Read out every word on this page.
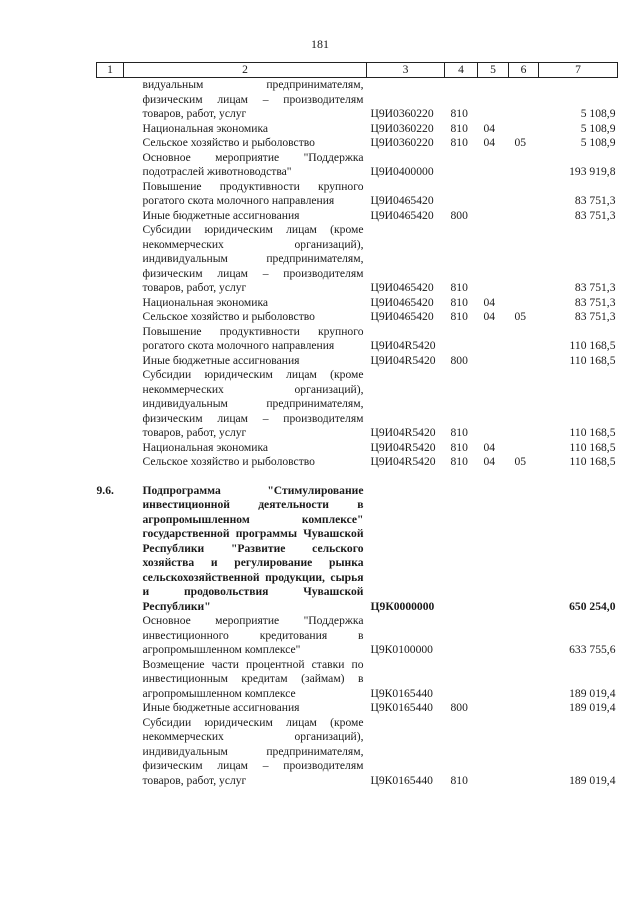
181
1	2	3	4	5	6	7
	видуальным предпринимателям, физическим лицам – производителям товаров, работ, услуг	Ц9И0360220	810			5 108,9
	Национальная экономика	Ц9И0360220	810	04		5 108,9
	Сельское хозяйство и рыболовство	Ц9И0360220	810	04	05	5 108,9
	Основное мероприятие "Поддержка подотраслей животноводства"	Ц9И0400000				193 919,8
	Повышение продуктивности крупного рогатого скота молочного направления	Ц9И0465420				83 751,3
	Иные бюджетные ассигнования	Ц9И0465420	800			83 751,3
	Субсидии юридическим лицам (кроме некоммерческих организаций), индивидуальным предпринимателям, физическим лицам – производителям товаров, работ, услуг	Ц9И0465420	810			83 751,3
	Национальная экономика	Ц9И0465420	810	04		83 751,3
	Сельское хозяйство и рыболовство	Ц9И0465420	810	04	05	83 751,3
	Повышение продуктивности крупного рогатого скота молочного направления	Ц9И04R5420				110 168,5
	Иные бюджетные ассигнования	Ц9И04R5420	800			110 168,5
	Субсидии юридическим лицам (кроме некоммерческих организаций), индивидуальным предпринимателям, физическим лицам – производителям товаров, работ, услуг	Ц9И04R5420	810			110 168,5
	Национальная экономика	Ц9И04R5420	810	04		110 168,5
	Сельское хозяйство и рыболовство	Ц9И04R5420	810	04	05	110 168,5

9.6.	Подпрограмма "Стимулирование инвестиционной деятельности в агропромышленном комплексе" государственной программы Чувашской Республики "Развитие сельского хозяйства и регулирование рынка сельскохозяйственной продукции, сырья и продовольствия Чувашской Республики"	Ц9К0000000				650 254,0
	Основное мероприятие "Поддержка инвестиционного кредитования в агропромышленном комплексе"	Ц9К0100000				633 755,6
	Возмещение части процентной ставки по инвестиционным кредитам (займам) в агропромышленном комплексе	Ц9К0165440				189 019,4
	Иные бюджетные ассигнования	Ц9К0165440	800			189 019,4
	Субсидии юридическим лицам (кроме некоммерческих организаций), индивидуальным предпринимателям, физическим лицам – производителям товаров, работ, услуг	Ц9К0165440	810			189 019,4
